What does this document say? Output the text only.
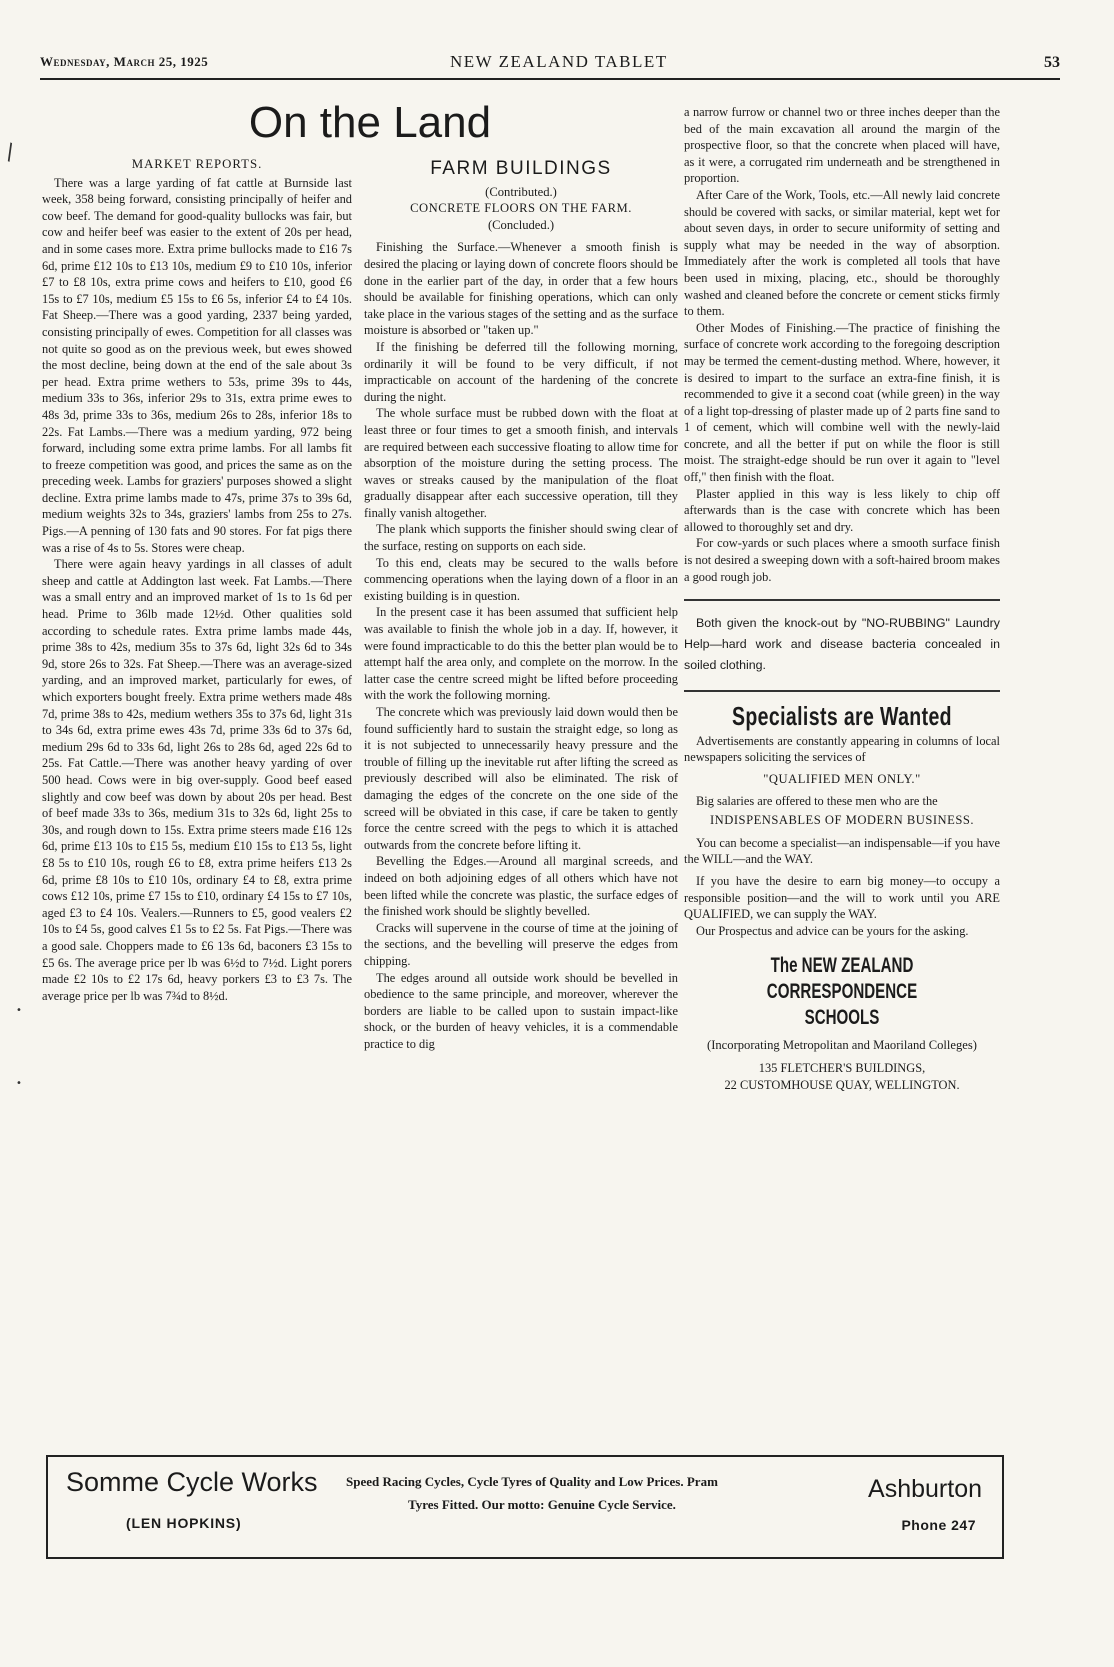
Wednesday, March 25, 1925	NEW ZEALAND TABLET	53
On the Land
MARKET REPORTS.

There was a large yarding of fat cattle at Burnside last week, 358 being forward, consisting principally of heifer and cow beef. The demand for good-quality bullocks was fair, but cow and heifer beef was easier to the extent of 20s per head, and in some cases more. Extra prime bullocks made to £16 7s 6d, prime £12 10s to £13 10s, medium £9 to £10 10s, inferior £7 to £8 10s, extra prime cows and heifers to £10, good £6 15s to £7 10s, medium £5 15s to £6 5s, inferior £4 to £4 10s. Fat Sheep.—There was a good yarding, 2337 being yarded, consisting principally of ewes. Competition for all classes was not quite so good as on the previous week, but ewes showed the most decline, being down at the end of the sale about 3s per head. Extra prime wethers to 53s, prime 39s to 44s, medium 33s to 36s, inferior 29s to 31s, extra prime ewes to 48s 3d, prime 33s to 36s, medium 26s to 28s, inferior 18s to 22s. Fat Lambs.—There was a medium yarding, 972 being forward, including some extra prime lambs. For all lambs fit to freeze competition was good, and prices the same as on the preceding week. Lambs for graziers' purposes showed a slight decline. Extra prime lambs made to 47s, prime 37s to 39s 6d, medium weights 32s to 34s, graziers' lambs from 25s to 27s. Pigs.—A penning of 130 fats and 90 stores. For fat pigs there was a rise of 4s to 5s. Stores were cheap.

There were again heavy yardings in all classes of adult sheep and cattle at Addington last week. Fat Lambs.—There was a small entry and an improved market of 1s to 1s 6d per head. Prime to 36lb made 12½d. Other qualities sold according to schedule rates. Extra prime lambs made 44s, prime 38s to 42s, medium 35s to 37s 6d, light 32s 6d to 34s 9d, store 26s to 32s. Fat Sheep.—There was an average-sized yarding, and an improved market, particularly for ewes, of which exporters bought freely. Extra prime wethers made 48s 7d, prime 38s to 42s, medium wethers 35s to 37s 6d, light 31s to 34s 6d, extra prime ewes 43s 7d, prime 33s 6d to 37s 6d, medium 29s 6d to 33s 6d, light 26s to 28s 6d, aged 22s 6d to 25s. Fat Cattle.—There was another heavy yarding of over 500 head. Cows were in big over-supply. Good beef eased slightly and cow beef was down by about 20s per head. Best of beef made 33s to 36s, medium 31s to 32s 6d, light 25s to 30s, and rough down to 15s. Extra prime steers made £16 12s 6d, prime £13 10s to £15 5s, medium £10 15s to £13 5s, light £8 5s to £10 10s, rough £6 to £8, extra prime heifers £13 2s 6d, prime £8 10s to £10 10s, ordinary £4 to £8, extra prime cows £12 10s, prime £7 15s to £10, ordinary £4 15s to £7 10s, aged £3 to £4 10s. Vealers.—Runners to £5, good vealers £2 10s to £4 5s, good calves £1 5s to £2 5s. Fat Pigs.—There was a good sale. Choppers made to £6 13s 6d, baconers £3 15s to £5 6s. The average price per lb was 6½d to 7½d. Light porers made £2 10s to £2 17s 6d, heavy porkers £3 to £3 7s. The average price per lb was 7¾d to 8½d.

FARM BUILDINGS

(Contributed.)

CONCRETE FLOORS ON THE FARM.

(Concluded.)

Finishing the Surface.—Whenever a smooth finish is desired the placing or laying down of concrete floors should be done in the earlier part of the day, in order that a few hours should be available for finishing operations, which can only take place in the various stages of the setting and as the surface moisture is absorbed or "taken up."

If the finishing be deferred till the following morning, ordinarily it will be found to be very difficult, if not impracticable on account of the hardening of the concrete during the night.

The whole surface must be rubbed down with the float at least three or four times to get a smooth finish, and intervals are required between each successive floating to allow time for absorption of the moisture during the setting process. The waves or streaks caused by the manipulation of the float gradually disappear after each successive operation, till they finally vanish altogether.

The plank which supports the finisher should swing clear of the surface, resting on supports on each side.

To this end, cleats may be secured to the walls before commencing operations when the laying down of a floor in an existing building is in question.

In the present case it has been assumed that sufficient help was available to finish the whole job in a day. If, however, it were found impracticable to do this the better plan would be to attempt half the area only, and complete on the morrow. In the latter case the centre screed might be lifted before proceeding with the work the following morning.

The concrete which was previously laid down would then be found sufficiently hard to sustain the straight edge, so long as it is not subjected to unnecessarily heavy pressure and the trouble of filling up the inevitable rut after lifting the screed as previously described will also be eliminated. The risk of damaging the edges of the concrete on the one side of the screed will be obviated in this case, if care be taken to gently force the centre screed with the pegs to which it is attached outwards from the concrete before lifting it.

Bevelling the Edges.—Around all marginal screeds, and indeed on both adjoining edges of all others which have not been lifted while the concrete was plastic, the surface edges of the finished work should be slightly bevelled.

Cracks will supervene in the course of time at the joining of the sections, and the bevelling will preserve the edges from chipping.

The edges around all outside work should be bevelled in obedience to the same principle, and moreover, wherever the borders are liable to be called upon to sustain impact-like shock, or the burden of heavy vehicles, it is a commendable practice to dig

a narrow furrow or channel two or three inches deeper than the bed of the main excavation all around the margin of the prospective floor, so that the concrete when placed will have, as it were, a corrugated rim underneath and be strengthened in proportion.

After Care of the Work, Tools, etc.—All newly laid concrete should be covered with sacks, or similar material, kept wet for about seven days, in order to secure uniformity of setting and supply what may be needed in the way of absorption. Immediately after the work is completed all tools that have been used in mixing, placing, etc., should be thoroughly washed and cleaned before the concrete or cement sticks firmly to them.

Other Modes of Finishing.—The practice of finishing the surface of concrete work according to the foregoing description may be termed the cement-dusting method. Where, however, it is desired to impart to the surface an extra-fine finish, it is recommended to give it a second coat (while green) in the way of a light top-dressing of plaster made up of 2 parts fine sand to 1 of cement, which will combine well with the newly-laid concrete, and all the better if put on while the floor is still moist. The straight-edge should be run over it again to "level off," then finish with the float.

Plaster applied in this way is less likely to chip off afterwards than is the case with concrete which has been allowed to thoroughly set and dry.

For cow-yards or such places where a smooth surface finish is not desired a sweeping down with a soft-haired broom makes a good rough job.

Both given the knock-out by "NO-RUBBING" Laundry Help—hard work and disease bacteria concealed in soiled clothing.

Specialists are Wanted

Advertisements are constantly appearing in columns of local newspapers soliciting the services of

"QUALIFIED MEN ONLY."

Big salaries are offered to these men who are the

INDISPENSABLES OF MODERN BUSINESS.

You can become a specialist—an indispensable—if you have the WILL—and the WAY.

If you have the desire to earn big money—to occupy a responsible position—and the will to work until you ARE QUALIFIED, we can supply the WAY.

Our Prospectus and advice can be yours for the asking.

The NEW ZEALAND CORRESPONDENCE SCHOOLS

(Incorporating Metropolitan and Maoriland Colleges)

135 FLETCHER'S BUILDINGS,
22 CUSTOMHOUSE QUAY, WELLINGTON.
Somme Cycle Works
(LEN HOPKINS)
Speed Racing Cycles, Cycle Tyres of Quality and Low Prices. Pram
Tyres Fitted. Our motto: Genuine Cycle Service.
Ashburton
Phone 247
\
•
•
